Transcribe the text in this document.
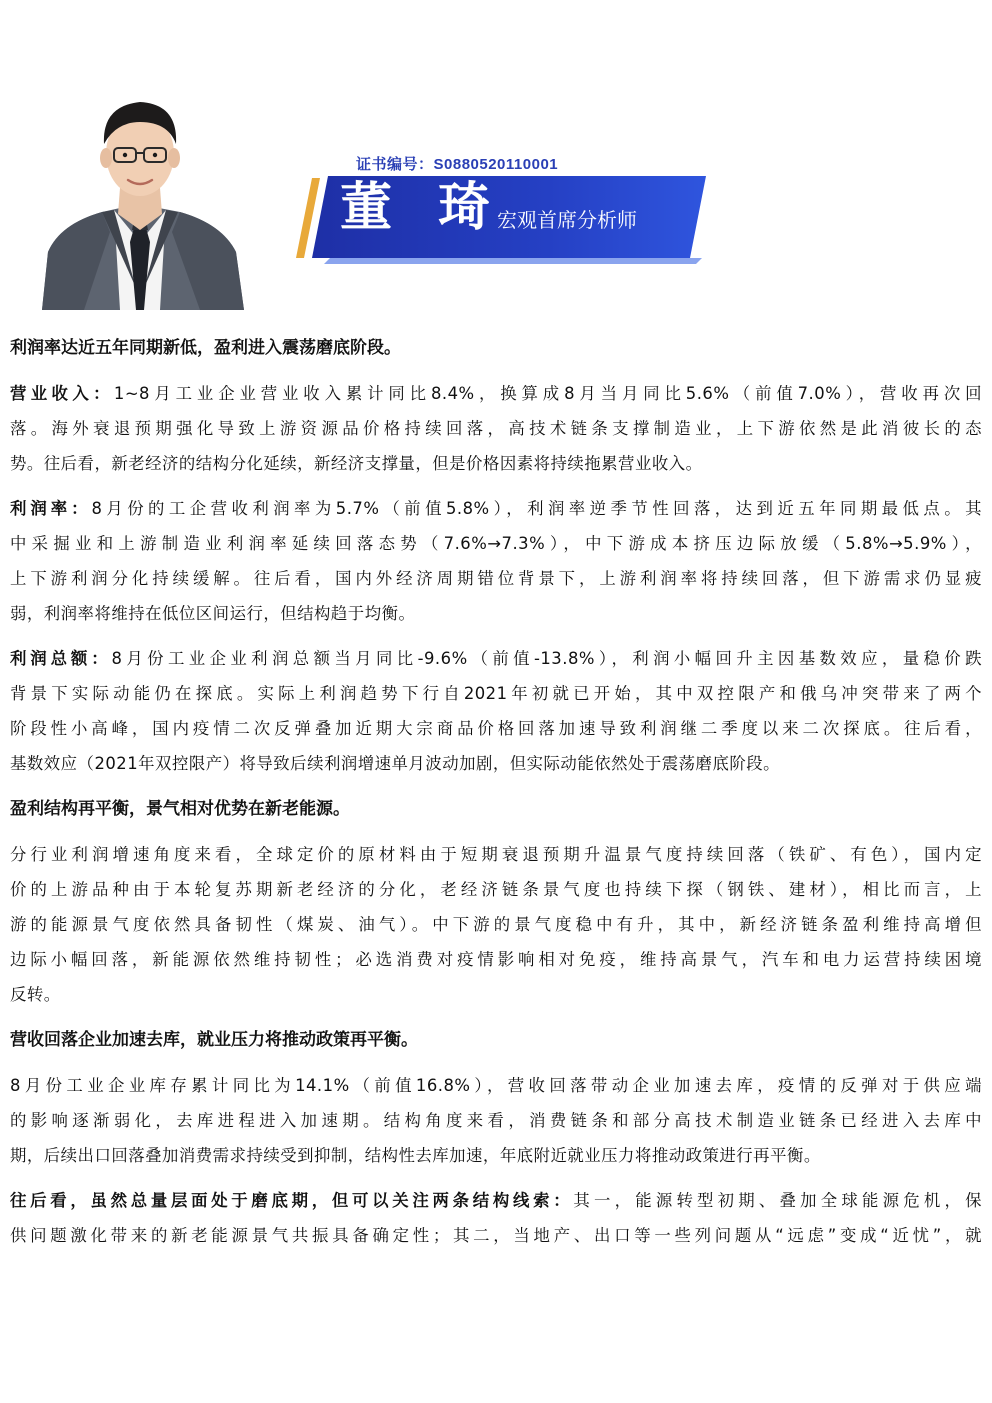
证书编号：S0880520110001
董 琦
宏观首席分析师
利润率达近五年同期新低，盈利进入震荡磨底阶段。
营业收入：1~8月工业企业营业收入累计同比8.4%，换算成8月当月同比5.6%（前值7.0%），营收再次回
落。海外衰退预期强化导致上游资源品价格持续回落，高技术链条支撑制造业，上下游依然是此消彼长的态
势。往后看，新老经济的结构分化延续，新经济支撑量，但是价格因素将持续拖累营业收入。
利润率：8月份的工企营收利润率为5.7%（前值5.8%），利润率逆季节性回落，达到近五年同期最低点。其
中采掘业和上游制造业利润率延续回落态势（7.6%→7.3%），中下游成本挤压边际放缓（5.8%→5.9%），
上下游利润分化持续缓解。往后看，国内外经济周期错位背景下，上游利润率将持续回落，但下游需求仍显疲
弱，利润率将维持在低位区间运行，但结构趋于均衡。
利润总额：8月份工业企业利润总额当月同比-9.6%（前值-13.8%），利润小幅回升主因基数效应，量稳价跌
背景下实际动能仍在探底。实际上利润趋势下行自2021年初就已开始，其中双控限产和俄乌冲突带来了两个
阶段性小高峰，国内疫情二次反弹叠加近期大宗商品价格回落加速导致利润继二季度以来二次探底。往后看，
基数效应（2021年双控限产）将导致后续利润增速单月波动加剧，但实际动能依然处于震荡磨底阶段。
盈利结构再平衡，景气相对优势在新老能源。
分行业利润增速角度来看，全球定价的原材料由于短期衰退预期升温景气度持续回落（铁矿、有色），国内定
价的上游品种由于本轮复苏期新老经济的分化，老经济链条景气度也持续下探（钢铁、建材），相比而言，上
游的能源景气度依然具备韧性（煤炭、油气）。中下游的景气度稳中有升，其中，新经济链条盈利维持高增但
边际小幅回落，新能源依然维持韧性；必选消费对疫情影响相对免疫，维持高景气，汽车和电力运营持续困境
反转。
营收回落企业加速去库，就业压力将推动政策再平衡。
8月份工业企业库存累计同比为14.1%（前值16.8%），营收回落带动企业加速去库，疫情的反弹对于供应端
的影响逐渐弱化，去库进程进入加速期。结构角度来看，消费链条和部分高技术制造业链条已经进入去库中
期，后续出口回落叠加消费需求持续受到抑制，结构性去库加速，年底附近就业压力将推动政策进行再平衡。
往后看，虽然总量层面处于磨底期，但可以关注两条结构线索：其一，能源转型初期、叠加全球能源危机，保
供问题激化带来的新老能源景气共振具备确定性；其二，当地产、出口等一些列问题从“远虑”变成“近忧”，就
